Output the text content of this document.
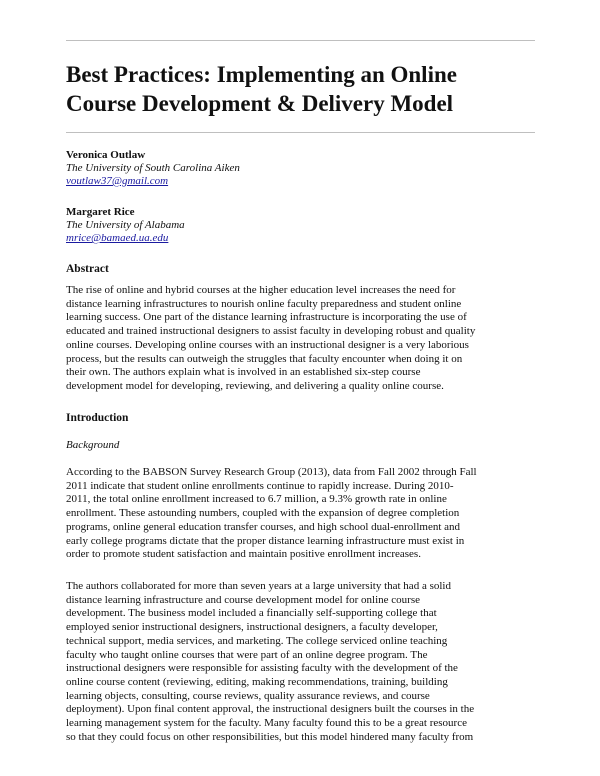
Best Practices: Implementing an Online
Course Development & Delivery Model
Veronica Outlaw
The University of South Carolina Aiken
voutlaw37@gmail.com
Margaret Rice
The University of Alabama
mrice@bamaed.ua.edu
Abstract

The rise of online and hybrid courses at the higher education level increases the need for
distance learning infrastructures to nourish online faculty preparedness and student online
learning success. One part of the distance learning infrastructure is incorporating the use of
educated and trained instructional designers to assist faculty in developing robust and quality
online courses. Developing online courses with an instructional designer is a very laborious
process, but the results can outweigh the struggles that faculty encounter when doing it on
their own. The authors explain what is involved in an established six-step course
development model for developing, reviewing, and delivering a quality online course.

Introduction
Background

According to the BABSON Survey Research Group (2013), data from Fall 2002 through Fall
2011 indicate that student online enrollments continue to rapidly increase. During 2010-
2011, the total online enrollment increased to 6.7 million, a 9.3% growth rate in online
enrollment. These astounding numbers, coupled with the expansion of degree completion
programs, online general education transfer courses, and high school dual-enrollment and
early college programs dictate that the proper distance learning infrastructure must exist in
order to promote student satisfaction and maintain positive enrollment increases.

The authors collaborated for more than seven years at a large university that had a solid
distance learning infrastructure and course development model for online course
development. The business model included a financially self-supporting college that
employed senior instructional designers, instructional designers, a faculty developer,
technical support, media services, and marketing. The college serviced online teaching
faculty who taught online courses that were part of an online degree program. The
instructional designers were responsible for assisting faculty with the development of the
online course content (reviewing, editing, making recommendations, training, building
learning objects, consulting, course reviews, quality assurance reviews, and course
deployment). Upon final content approval, the instructional designers built the courses in the
learning management system for the faculty. Many faculty found this to be a great resource
so that they could focus on other responsibilities, but this model hindered many faculty from
